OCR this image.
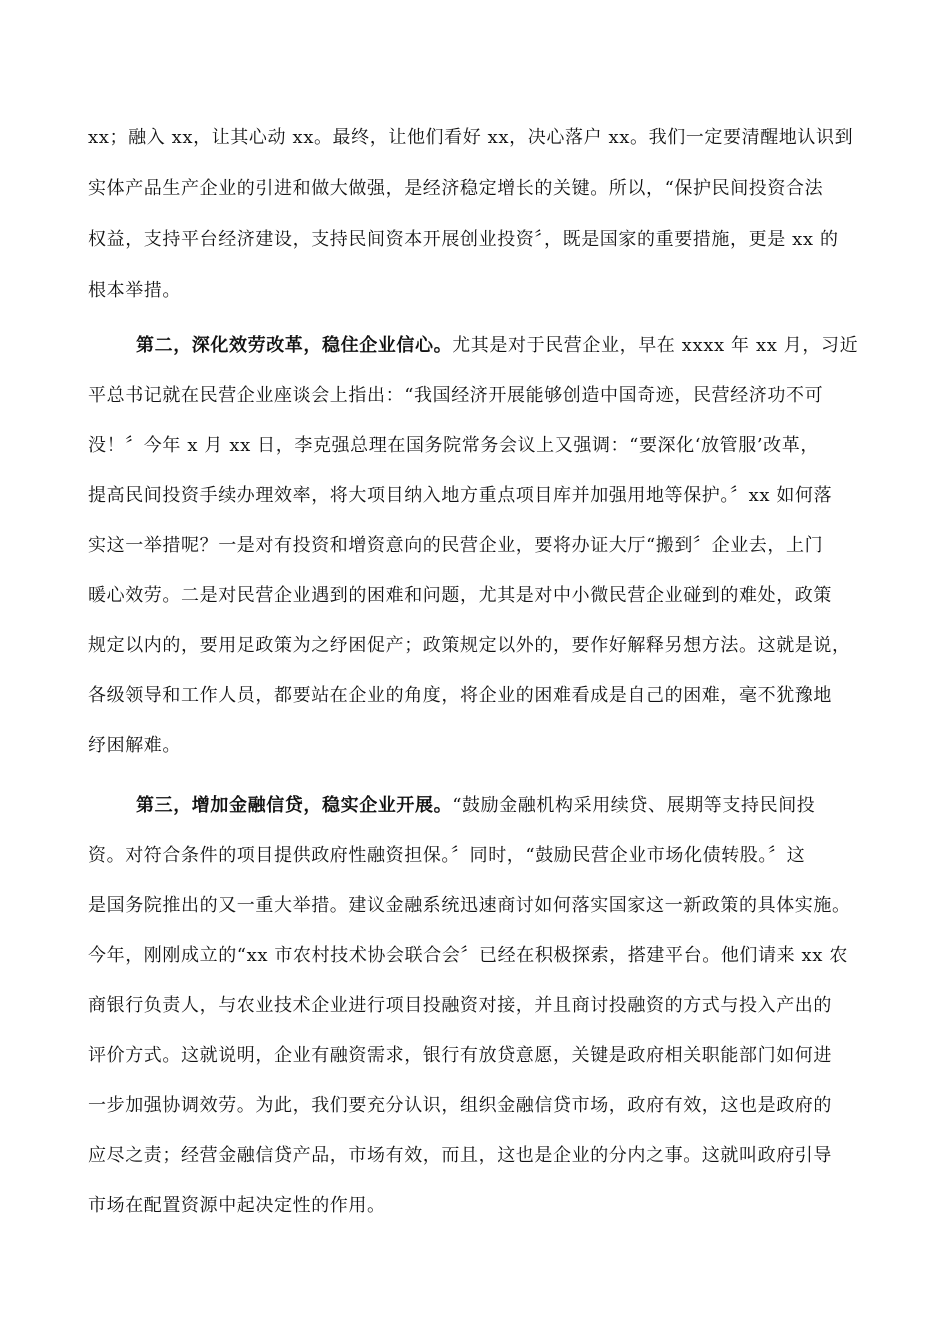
xx；融入 xx，让其心动 xx。最终，让他们看好 xx，决心落户 xx。我们一定要清醒地认识到
实体产品生产企业的引进和做大做强，是经济稳定增长的关键。所以，“保护民间投资合法
权益，支持平台经济建设，支持民间资本开展创业投资〞，既是国家的重要措施，更是 xx 的
根本举措。
第二，深化效劳改革，稳住企业信心。尤其是对于民营企业，早在 xxxx 年 xx 月，习近
平总书记就在民营企业座谈会上指出：“我国经济开展能够创造中国奇迹，民营经济功不可
没！〞今年 x 月 xx 日，李克强总理在国务院常务会议上又强调：“要深化‘放管服’改革，
提高民间投资手续办理效率，将大项目纳入地方重点项目库并加强用地等保护。〞xx 如何落
实这一举措呢？一是对有投资和增资意向的民营企业，要将办证大厅“搬到〞企业去，上门
暖心效劳。二是对民营企业遇到的困难和问题，尤其是对中小微民营企业碰到的难处，政策
规定以内的，要用足政策为之纾困促产；政策规定以外的，要作好解释另想方法。这就是说，
各级领导和工作人员，都要站在企业的角度，将企业的困难看成是自己的困难，毫不犹豫地
纾困解难。
第三，增加金融信贷，稳实企业开展。“鼓励金融机构采用续贷、展期等支持民间投
资。对符合条件的项目提供政府性融资担保。〞同时，“鼓励民营企业市场化债转股。〞这
是国务院推出的又一重大举措。建议金融系统迅速商讨如何落实国家这一新政策的具体实施。
今年，刚刚成立的“xx 市农村技术协会联合会〞已经在积极探索，搭建平台。他们请来 xx 农
商银行负责人，与农业技术企业进行项目投融资对接，并且商讨投融资的方式与投入产出的
评价方式。这就说明，企业有融资需求，银行有放贷意愿，关键是政府相关职能部门如何进
一步加强协调效劳。为此，我们要充分认识，组织金融信贷市场，政府有效，这也是政府的
应尽之责；经营金融信贷产品，市场有效，而且，这也是企业的分内之事。这就叫政府引导
市场在配置资源中起决定性的作用。
